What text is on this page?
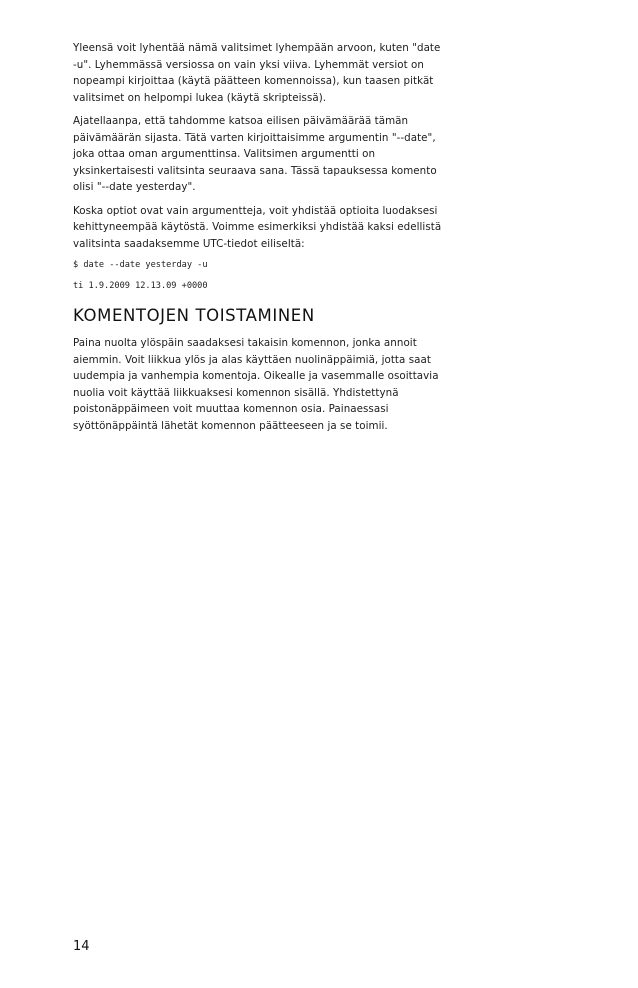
Yleensä voit lyhentää nämä valitsimet lyhempään arvoon, kuten "date -u". Lyhemmässä versiossa on vain yksi viiva. Lyhemmät versiot on nopeampi kirjoittaa (käytä päätteen komennoissa), kun taasen pitkät valitsimet on helpompi lukea (käytä skripteissä).

Ajatellaanpa, että tahdomme katsoa eilisen päivämäärää tämän päivämäärän sijasta. Tätä varten kirjoittaisimme argumentin "--date", joka ottaa oman argumenttinsa. Valitsimen argumentti on yksinkertaisesti valitsinta seuraava sana. Tässä tapauksessa komento olisi "--date yesterday".

Koska optiot ovat vain argumentteja, voit yhdistää optioita luodaksesi kehittyneempää käytöstä. Voimme esimerkiksi yhdistää kaksi edellistä valitsinta saadaksemme UTC-tiedot eiliseltä:

$ date --date yesterday -u
ti 1.9.2009 12.13.09 +0000
KOMENTOJEN TOISTAMINEN

Paina nuolta ylöspäin saadaksesi takaisin komennon, jonka annoit aiemmin. Voit liikkua ylös ja alas käyttäen nuolinäppäimiä, jotta saat uudempia ja vanhempia komentoja. Oikealle ja vasemmalle osoittavia nuolia voit käyttää liikkuaksesi komennon sisällä. Yhdistettynä poistonäppäimeen voit muuttaa komennon osia. Painaessasi syöttönäppäintä lähetät komennon päätteeseen ja se toimii.

14
